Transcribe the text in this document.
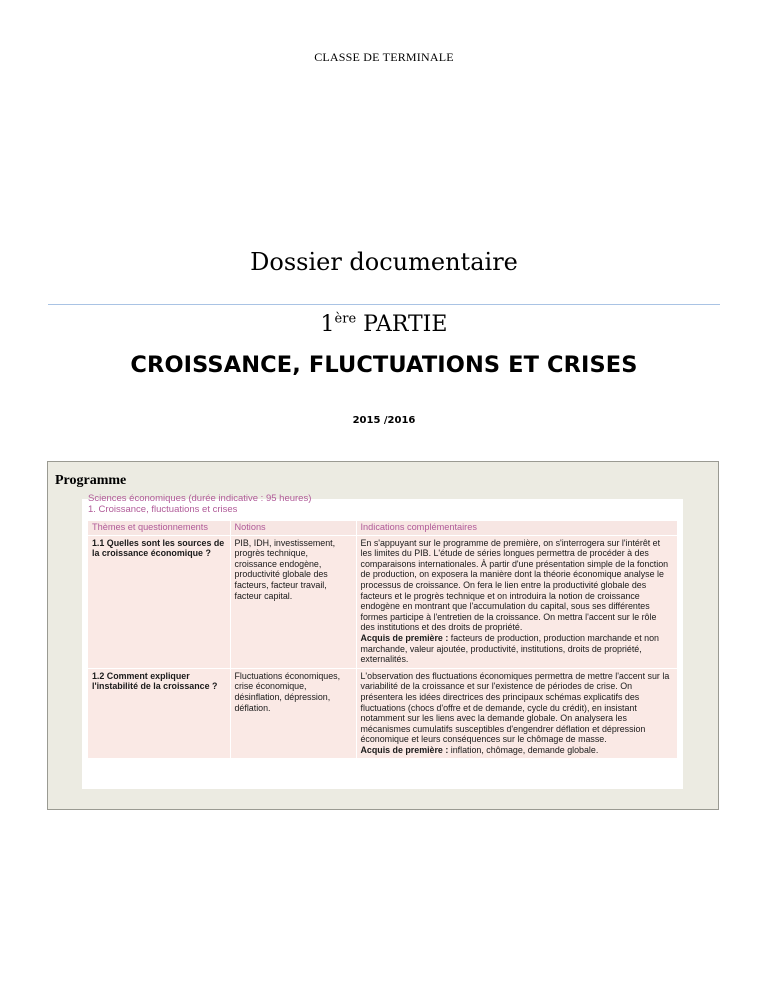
CLASSE DE TERMINALE
Dossier documentaire
1ère PARTIE
CROISSANCE, FLUCTUATIONS ET CRISES
2015 /2016
Programme
Sciences économiques (durée indicative : 95 heures)
1. Croissance, fluctuations et crises
Thèmes et questionnements	Notions	Indications complémentaires
1.1 Quelles sont les sources de la croissance économique ?	PIB, IDH, investissement, progrès technique, croissance endogène, productivité globale des facteurs, facteur travail, facteur capital.	En s'appuyant sur le programme de première, on s'interrogera sur l'intérêt et les limites du PIB. L'étude de séries longues permettra de procéder à des comparaisons internationales. À partir d'une présentation simple de la fonction de production, on exposera la manière dont la théorie économique analyse le processus de croissance. On fera le lien entre la productivité globale des facteurs et le progrès technique et on introduira la notion de croissance endogène en montrant que l'accumulation du capital, sous ses différentes formes participe à l'entretien de la croissance. On mettra l'accent sur le rôle des institutions et des droits de propriété.
Acquis de première : facteurs de production, production marchande et non marchande, valeur ajoutée, productivité, institutions, droits de propriété, externalités.
1.2 Comment expliquer l'instabilité de la croissance ?	Fluctuations économiques, crise économique, désinflation, dépression, déflation.	L'observation des fluctuations économiques permettra de mettre l'accent sur la variabilité de la croissance et sur l'existence de périodes de crise. On présentera les idées directrices des principaux schémas explicatifs des fluctuations (chocs d'offre et de demande, cycle du crédit), en insistant notamment sur les liens avec la demande globale. On analysera les mécanismes cumulatifs susceptibles d'engendrer déflation et dépression économique et leurs conséquences sur le chômage de masse.
Acquis de première : inflation, chômage, demande globale.
